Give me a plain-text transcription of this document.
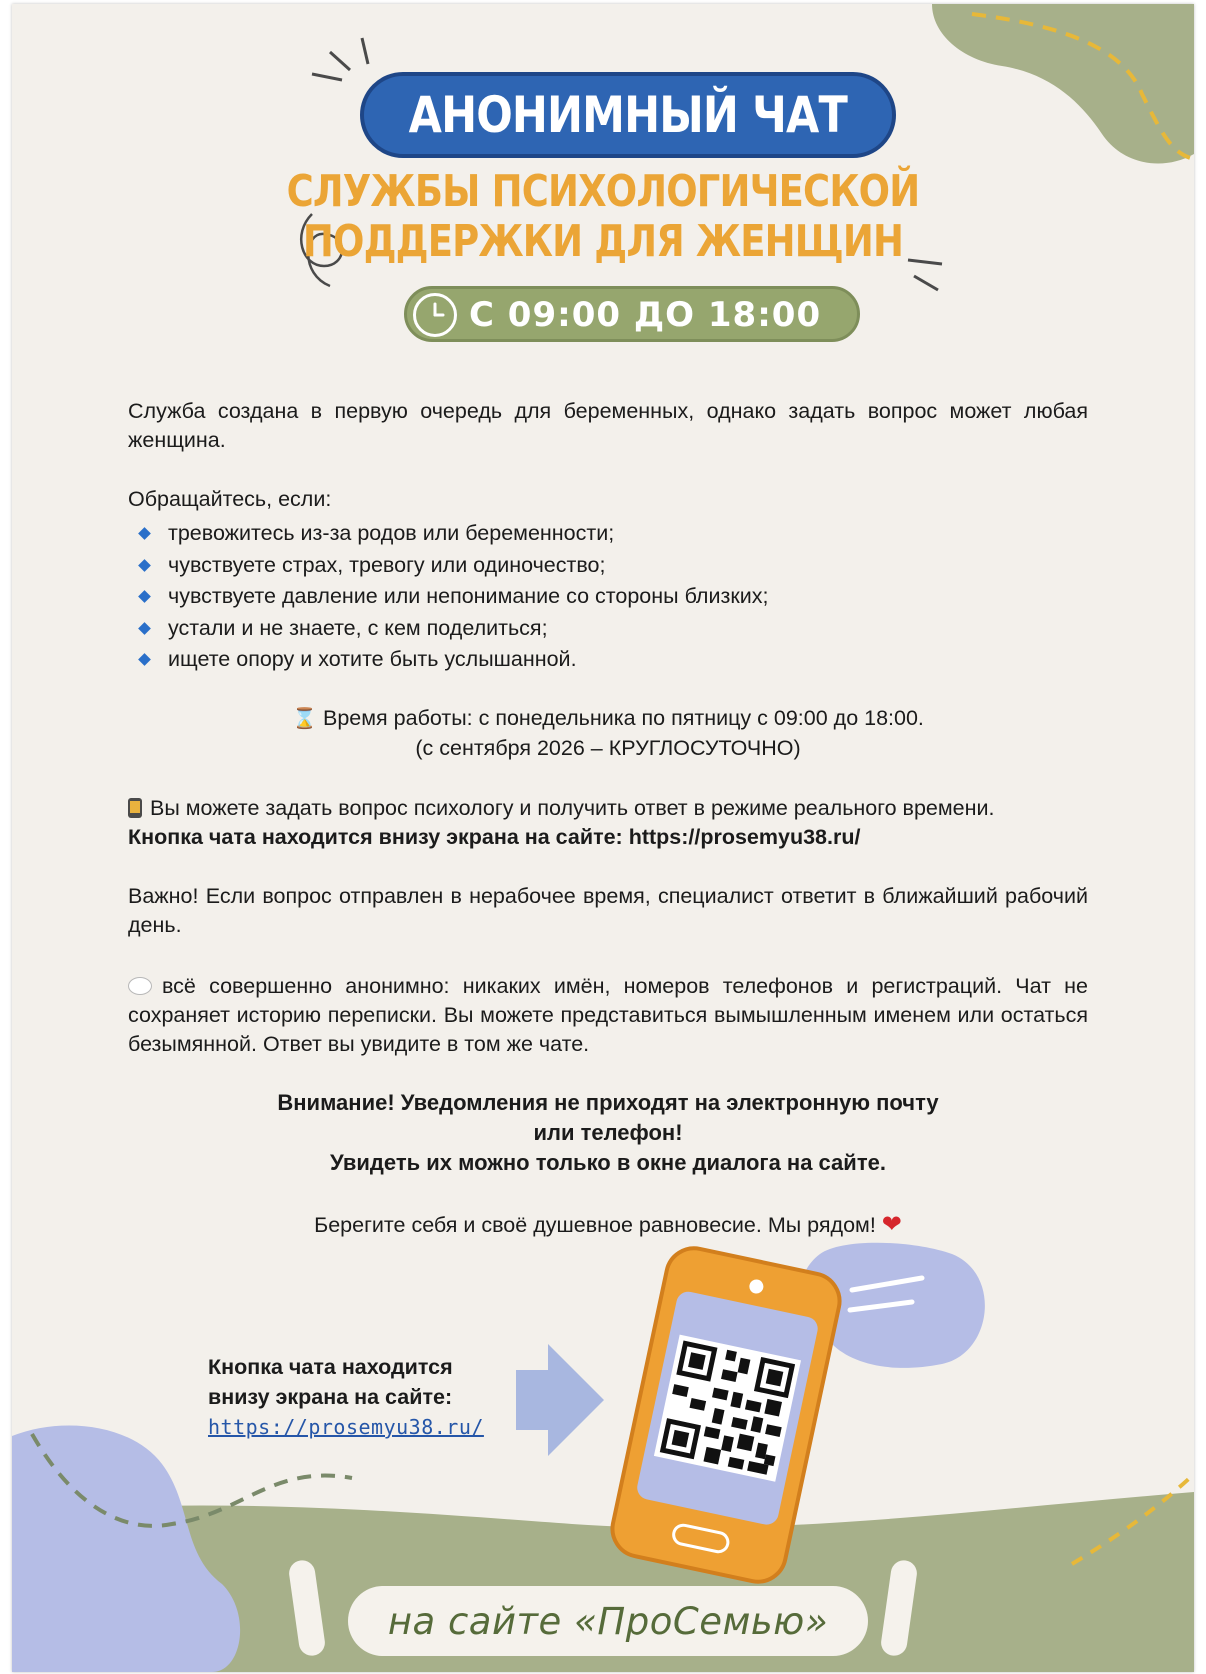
АНОНИМНЫЙ ЧАТ
СЛУЖБЫ ПСИХОЛОГИЧЕСКОЙ
ПОДДЕРЖКИ ДЛЯ ЖЕНЩИН
С 09:00 ДО 18:00
Служба создана в первую очередь для беременных, однако задать вопрос может любая женщина.
Обращайтесь, если:
тревожитесь из-за родов или беременности;
чувствуете страх, тревогу или одиночество;
чувствуете давление или непонимание со стороны близких;
устали и не знаете, с кем поделиться;
ищете опору и хотите быть услышанной.
⌛ Время работы: с понедельника по пятницу с 09:00 до 18:00.
(с сентября 2026 – КРУГЛОСУТОЧНО)
Вы можете задать вопрос психологу и получить ответ в режиме реального времени.
Кнопка чата находится внизу экрана на сайте: https://prosemyu38.ru/
Важно! Если вопрос отправлен в нерабочее время, специалист ответит в ближайший рабочий день.
всё совершенно анонимно: никаких имён, номеров телефонов и регистраций. Чат не сохраняет историю переписки. Вы можете представиться вымышленным именем или остаться безымянной. Ответ вы увидите в том же чате.
Внимание! Уведомления не приходят на электронную почту
или телефон!
Увидеть их можно только в окне диалога на сайте.
Берегите себя и своё душевное равновесие. Мы рядом! ❤
Кнопка чата находится
внизу экрана на сайте:
https://prosemyu38.ru/
на сайте «ПроСемью»
